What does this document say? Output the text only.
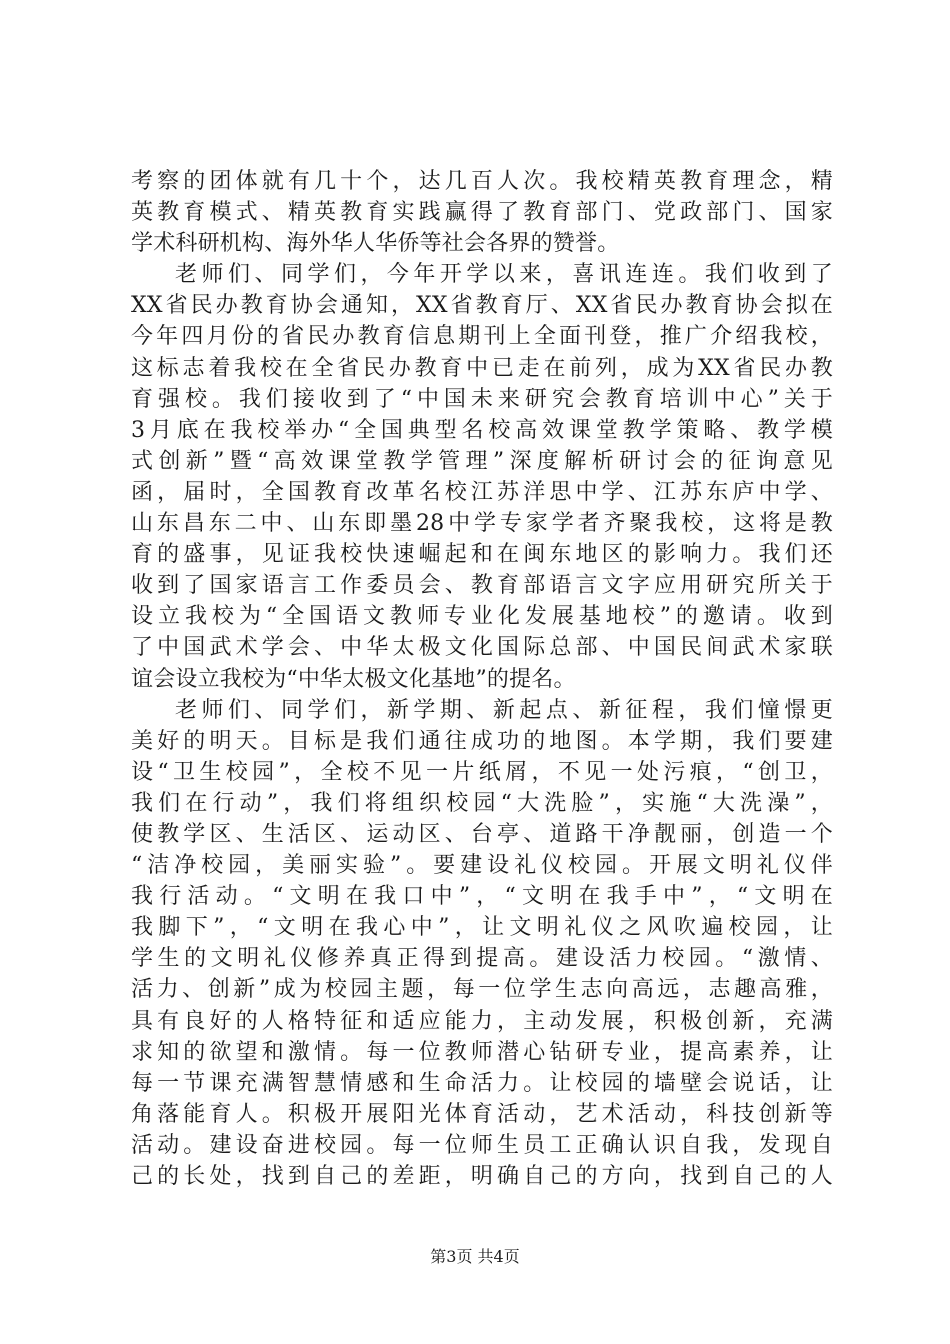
考察的团体就有几十个，达几百人次。我校精英教育理念，精
英教育模式、精英教育实践赢得了教育部门、党政部门、国家
学术科研机构、海外华人华侨等社会各界的赞誉。
老师们、同学们，今年开学以来，喜讯连连。我们收到了
XX省民办教育协会通知，XX省教育厅、XX省民办教育协会拟在
今年四月份的省民办教育信息期刊上全面刊登，推广介绍我校，
这标志着我校在全省民办教育中已走在前列，成为XX省民办教
育强校。我们接收到了“中国未来研究会教育培训中心”关于
3月底在我校举办“全国典型名校高效课堂教学策略、教学模
式创新”暨“高效课堂教学管理”深度解析研讨会的征询意见
函，届时，全国教育改革名校江苏洋思中学、江苏东庐中学、
山东昌东二中、山东即墨28中学专家学者齐聚我校，这将是教
育的盛事，见证我校快速崛起和在闽东地区的影响力。我们还
收到了国家语言工作委员会、教育部语言文字应用研究所关于
设立我校为“全国语文教师专业化发展基地校”的邀请。收到
了中国武术学会、中华太极文化国际总部、中国民间武术家联
谊会设立我校为“中华太极文化基地”的提名。
老师们、同学们，新学期、新起点、新征程，我们憧憬更
美好的明天。目标是我们通往成功的地图。本学期，我们要建
设“卫生校园”，全校不见一片纸屑，不见一处污痕，“创卫，
我们在行动”，我们将组织校园“大洗脸”，实施“大洗澡”，
使教学区、生活区、运动区、台亭、道路干净靓丽，创造一个
“洁净校园，美丽实验”。要建设礼仪校园。开展文明礼仪伴
我行活动。“文明在我口中”，“文明在我手中”，“文明在
我脚下”，“文明在我心中”，让文明礼仪之风吹遍校园，让
学生的文明礼仪修养真正得到提高。建设活力校园。“激情、
活力、创新”成为校园主题，每一位学生志向高远，志趣高雅，
具有良好的人格特征和适应能力，主动发展，积极创新，充满
求知的欲望和激情。每一位教师潜心钻研专业，提高素养，让
每一节课充满智慧情感和生命活力。让校园的墙壁会说话，让
角落能育人。积极开展阳光体育活动，艺术活动，科技创新等
活动。建设奋进校园。每一位师生员工正确认识自我，发现自
己的长处，找到自己的差距，明确自己的方向，找到自己的人
第3页 共4页
